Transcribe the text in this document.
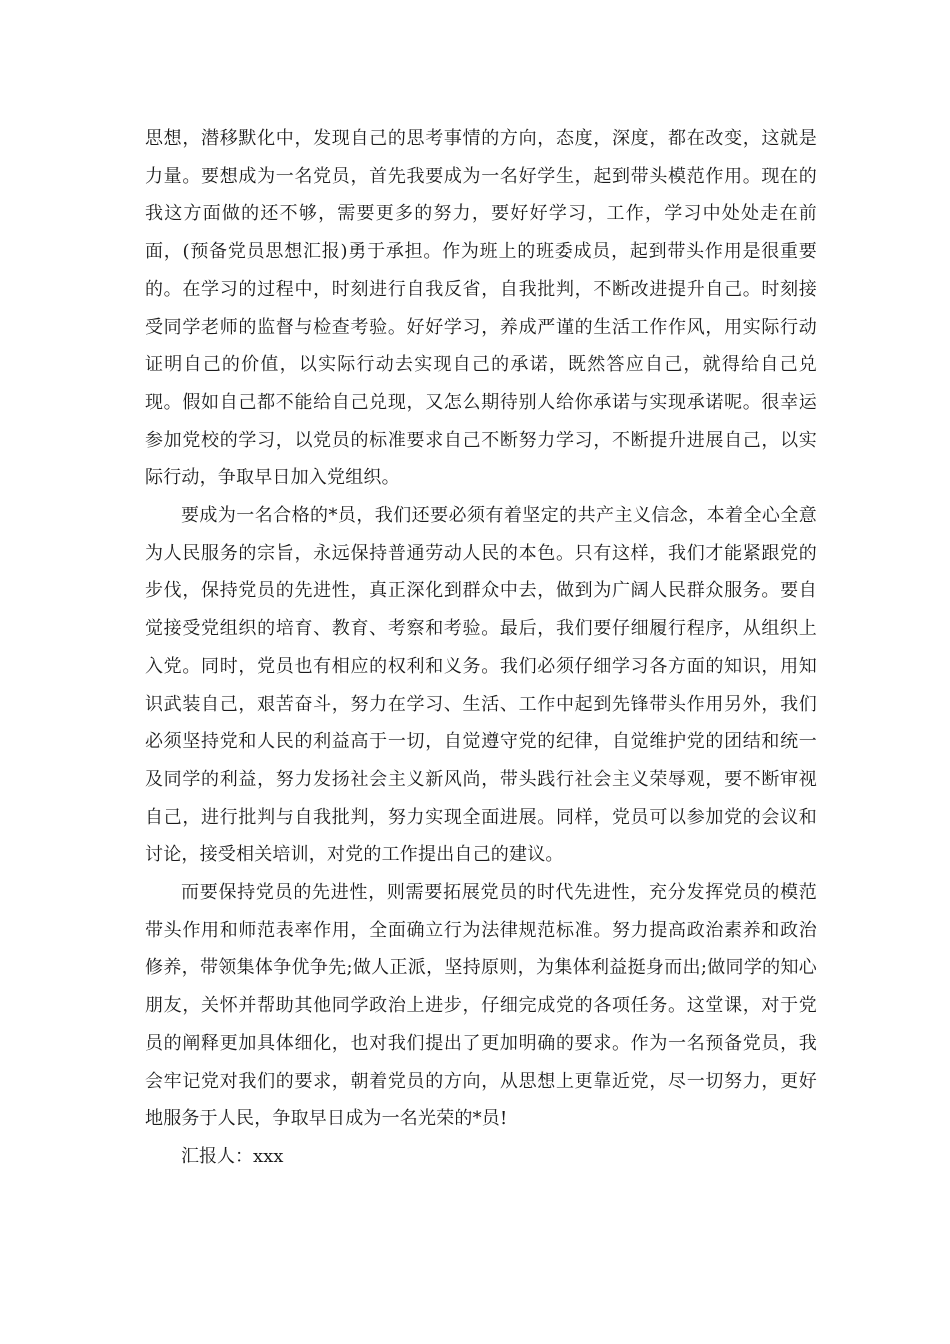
思想，潜移默化中，发现自己的思考事情的方向，态度，深度，都在改变，这就是力量。要想成为一名党员，首先我要成为一名好学生，起到带头模范作用。现在的我这方面做的还不够，需要更多的努力，要好好学习，工作，学习中处处走在前面，(预备党员思想汇报)勇于承担。作为班上的班委成员，起到带头作用是很重要的。在学习的过程中，时刻进行自我反省，自我批判，不断改进提升自己。时刻接受同学老师的监督与检查考验。好好学习，养成严谨的生活工作作风，用实际行动证明自己的价值，以实际行动去实现自己的承诺，既然答应自己，就得给自己兑现。假如自己都不能给自己兑现，又怎么期待别人给你承诺与实现承诺呢。很幸运参加党校的学习，以党员的标准要求自己不断努力学习，不断提升进展自己，以实际行动，争取早日加入党组织。

要成为一名合格的*员，我们还要必须有着坚定的共产主义信念，本着全心全意为人民服务的宗旨，永远保持普通劳动人民的本色。只有这样，我们才能紧跟党的步伐，保持党员的先进性，真正深化到群众中去，做到为广阔人民群众服务。要自觉接受党组织的培育、教育、考察和考验。最后，我们要仔细履行程序，从组织上入党。同时，党员也有相应的权利和义务。我们必须仔细学习各方面的知识，用知识武装自己，艰苦奋斗，努力在学习、生活、工作中起到先锋带头作用另外，我们必须坚持党和人民的利益高于一切，自觉遵守党的纪律，自觉维护党的团结和统一及同学的利益，努力发扬社会主义新风尚，带头践行社会主义荣辱观，要不断审视自己，进行批判与自我批判，努力实现全面进展。同样，党员可以参加党的会议和讨论，接受相关培训，对党的工作提出自己的建议。

而要保持党员的先进性，则需要拓展党员的时代先进性，充分发挥党员的模范带头作用和师范表率作用，全面确立行为法律规范标准。努力提高政治素养和政治修养，带领集体争优争先;做人正派，坚持原则，为集体利益挺身而出;做同学的知心朋友，关怀并帮助其他同学政治上进步，仔细完成党的各项任务。这堂课，对于党员的阐释更加具体细化，也对我们提出了更加明确的要求。作为一名预备党员，我会牢记党对我们的要求，朝着党员的方向，从思想上更靠近党，尽一切努力，更好地服务于人民，争取早日成为一名光荣的*员!

汇报人：xxx
